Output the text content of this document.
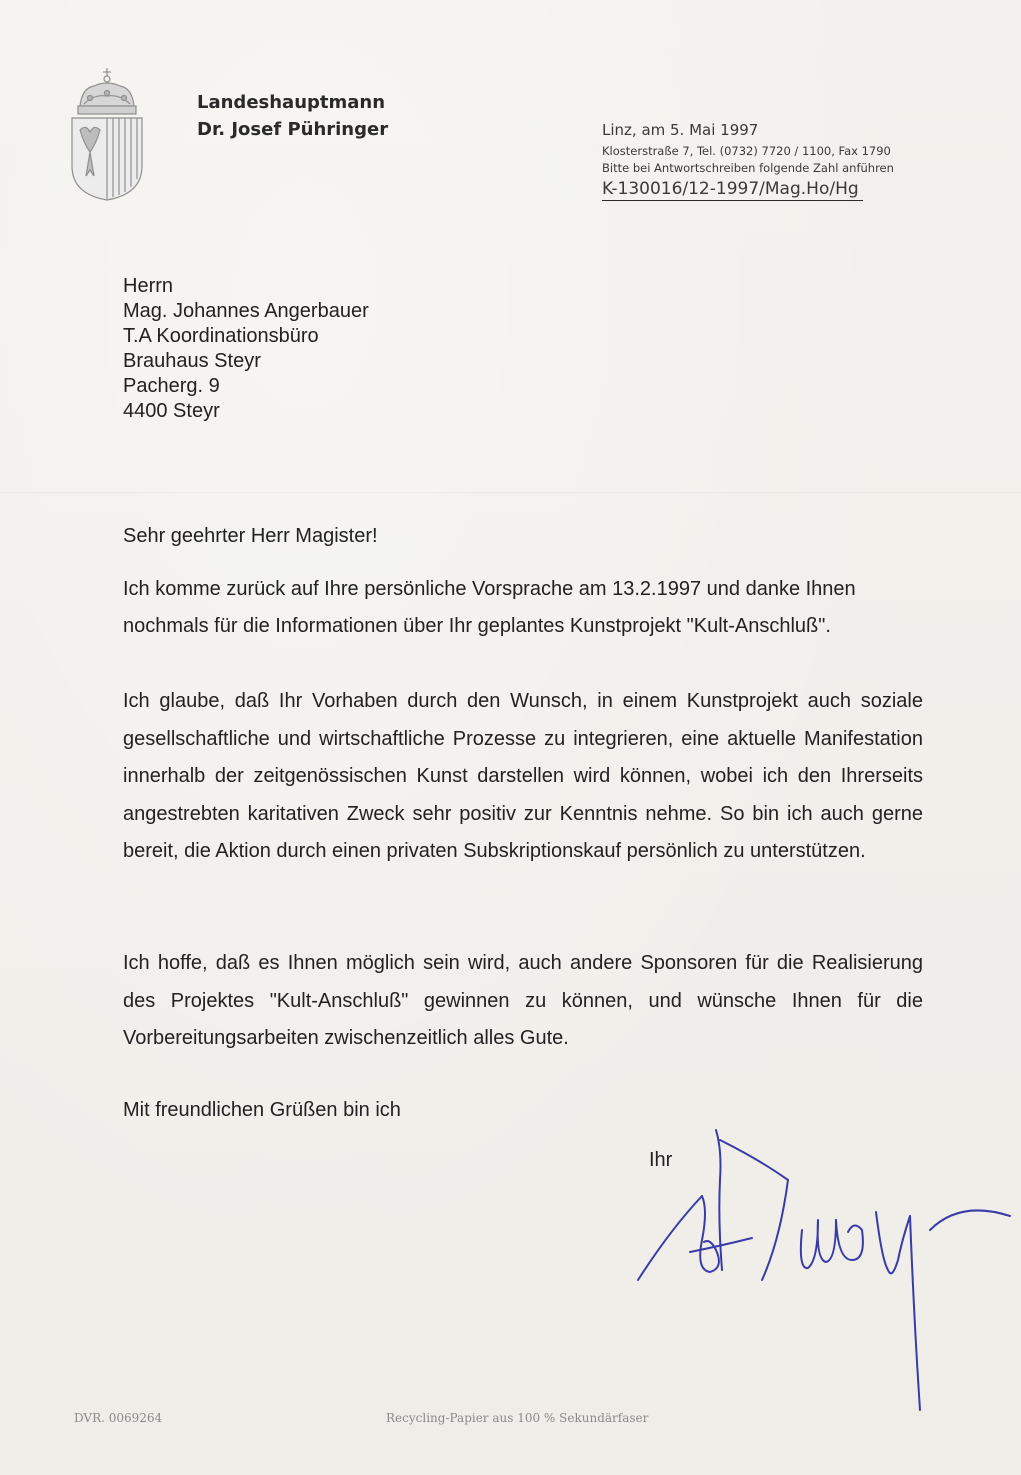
Landeshauptmann
Dr. Josef Pühringer	Linz, am 5. Mai 1997
Klosterstraße 7, Tel. (0732) 7720 / 1100, Fax 1790
Bitte bei Antwortschreiben folgende Zahl anführen
K-130016/12-1997/Mag.Ho/Hg
Herrn
Mag. Johannes Angerbauer
T.A Koordinationsbüro
Brauhaus Steyr
Pacherg. 9
4400 Steyr
Sehr geehrter Herr Magister!
Ich komme zurück auf Ihre persönliche Vorsprache am 13.2.1997 und danke Ihnen nochmals für die Informationen über Ihr geplantes Kunstprojekt "Kult-Anschluß".
Ich glaube, daß Ihr Vorhaben durch den Wunsch, in einem Kunstprojekt auch soziale gesellschaftliche und wirtschaftliche Prozesse zu integrieren, eine aktuelle Manifestation innerhalb der zeitgenössischen Kunst darstellen wird können, wobei ich den Ihrerseits angestrebten karitativen Zweck sehr positiv zur Kenntnis nehme. So bin ich auch gerne bereit, die Aktion durch einen privaten Subskriptionskauf persönlich zu unterstützen.
Ich hoffe, daß es Ihnen möglich sein wird, auch andere Sponsoren für die Realisierung des Projektes "Kult-Anschluß" gewinnen zu können, und wünsche Ihnen für die Vorbereitungsarbeiten zwischenzeitlich alles Gute.
Mit freundlichen Grüßen bin ich
Ihr
DVR. 0069264	Recycling-Papier aus 100 % Sekundärfaser
